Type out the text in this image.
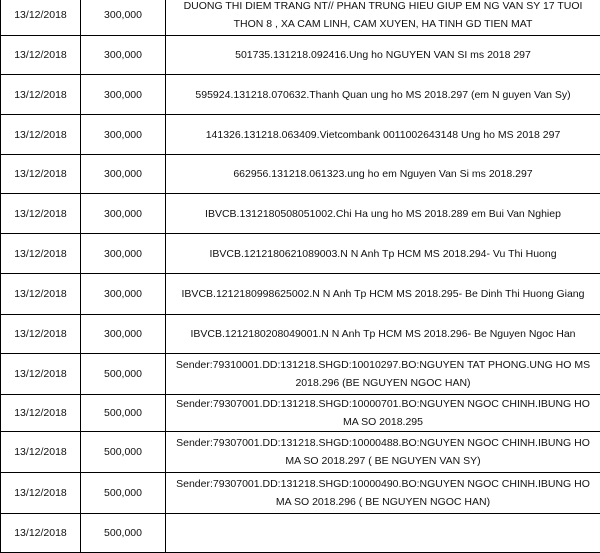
13/12/2018	300,000	DUONG THI DIEM TRANG NT// PHAN TRUNG HIEU GIUP EM NG VAN SY 17 TUOI THON 8 , XA CAM LINH, CAM XUYEN, HA TINH GD TIEN MAT
13/12/2018	300,000	501735.131218.092416.Ung ho NGUYEN VAN SI ms 2018 297
13/12/2018	300,000	595924.131218.070632.Thanh Quan ung ho MS 2018.297 (em N guyen Van Sy)
13/12/2018	300,000	141326.131218.063409.Vietcombank 0011002643148 Ung ho MS 2018 297
13/12/2018	300,000	662956.131218.061323.ung ho em Nguyen Van Si ms 2018.297
13/12/2018	300,000	IBVCB.1312180508051002.Chi Ha ung ho MS 2018.289 em Bui Van Nghiep
13/12/2018	300,000	IBVCB.1212180621089003.N N Anh Tp HCM MS 2018.294- Vu Thi Huong
13/12/2018	300,000	IBVCB.1212180998625002.N N Anh Tp HCM MS 2018.295- Be Dinh Thi Huong Giang
13/12/2018	300,000	IBVCB.1212180208049001.N N Anh Tp HCM MS 2018.296- Be Nguyen Ngoc Han
13/12/2018	500,000	Sender:79310001.DD:131218.SHGD:10010297.BO:NGUYEN TAT PHONG.UNG HO MS 2018.296 (BE NGUYEN NGOC HAN)
13/12/2018	500,000	Sender:79307001.DD:131218.SHGD:10000701.BO:NGUYEN NGOC CHINH.IBUNG HO MA SO 2018.295
13/12/2018	500,000	Sender:79307001.DD:131218.SHGD:10000488.BO:NGUYEN NGOC CHINH.IBUNG HO MA SO 2018.297 ( BE NGUYEN VAN SY)
13/12/2018	500,000	Sender:79307001.DD:131218.SHGD:10000490.BO:NGUYEN NGOC CHINH.IBUNG HO MA SO 2018.296 ( BE NGUYEN NGOC HAN)
13/12/2018	500,000	
